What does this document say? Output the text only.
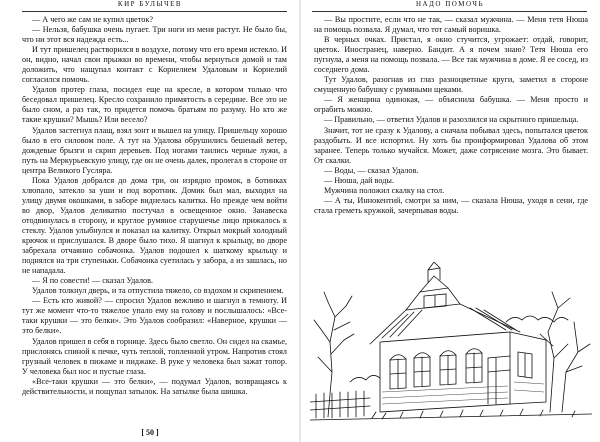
КИР БУЛЫЧЕВ

— А чего же сам не купил цветок?

— Нельзя, бабушка очень пугает. Три ноги из меня растут. Не было бы, что ни этот вся надежда есть...

И тут пришелец растворился в воздухе, потому что его время истекло. И он, видно, начал свои прыжки во времени, чтобы вернуться домой и там доложить, что нащупал контакт с Корнелием Удаловым и Корнелий согласился помочь.

Удалов протер глаза, посидел еще на кресле, в котором только что беседовал пришелец. Кресло сохранило примятость в середине. Все это не было сном, а раз так, то придется помочь братьям по разуму. Но кто же такие крушки? Мышь? Или весело?

Удалов застегнул плащ, взял зонт и вышел на улицу. Пришельцу хорошо было в его силовом поле. А тут на Удалова обрушились бешеный ветер, дождевые брызги и скрип деревьев. Под ногами таились черные лужи, а путь на Меркурьевскую улицу, где он не очень далек, пролегал в стороне от центра Великого Гусляра.

Пока Удалов добрался до дома три, он изрядно промок, в ботинках хлюпало, затекло за уши и под воротник. Домик был мал, выходил на улицу двумя окошками, в заборе виднелась калитка. Но прежде чем войти во двор, Удалов деликатно постучал в освещенное окно. Занавеска отодвинулась в сторону, и круглое румяное старушечье лицо прижалось к стеклу. Удалов улыбнулся и показал на калитку. Открыл мокрый холодный крючок и прислушался. В дворе было тихо. Я шагнул к крыльцу, во дворе забрехала отчаянно собачонка. Удалов подошел к шаткому крыльцу и поднялся на три ступеньки. Собачонка суетилась у забора, а из зашлась, но не нападала.

— Я по совести! — сказал Удалов.

Удалов толкнул дверь, и та отпустила тяжело, со вздохом и скрипением.

— Есть кто живой? — спросил Удалов вежливо и шагнул в темноту. И тут же момент что-то тяжелое упало ему на голову и послышалось: «Все-таки крушки — это белки». Это Удалов сообразил: «Наверное, крушки — это белки».

Удалов пришел в себя в горнице. Здесь было светло. Он сидел на скамье, прислонясь спиной к печке, чуть теплой, топленной утром. Напротив стоял грузный человек в пижаме и пиджаке. В руке у человека был зажат топор. У человека был нос и пустые глаза.

«Все-таки крушки — это белки», — подумал Удалов, возвращаясь к действительности, и пощупал затылок. На затылке была шишка.

[ 50 ]
НАДО ПОМОЧЬ

— Вы простите, если что не так, — сказал мужчина. — Меня тетя Нюша на помощь позвала. Я думал, что тот самый воришка.

В черных очках. Пристал, я окно стучится, угрожает: отдай, говорит, цветок. Иностранец, наверно. Бандит. А я почем знаю? Тетя Нюша его пугнула, а меня на помощь позвала. — Все так мужчина в доме. Я ее сосед, из соседнего дома.

Тут Удалов, разогнав из глаз разноцветные круги, заметил в стороне смущенную бабушку с румяными щеками.

— Я женщина одинокая, — объяснила бабушка. — Меня просто и ограбить можно.

— Правильно, — ответил Удалов и разозлился на скрытного пришельца.

Значит, тот не сразу к Удалову, а сначала побывал здесь, попытался цветок раздобыть. И все испортил. Ну хоть бы пронформировал Удалова об этом заранее. Теперь только мучайся. Может, даже сотрясение мозга. Это бывает. От скалки.

— Воды, — сказал Удалов.

— Нюша, дай воды.

Мужчина положил скалку на стол.

— А ты, Иннокентий, смотри за ним, — сказала Нюша, уходя в сени, где стала греметь кружкой, зачерпывая воды.
